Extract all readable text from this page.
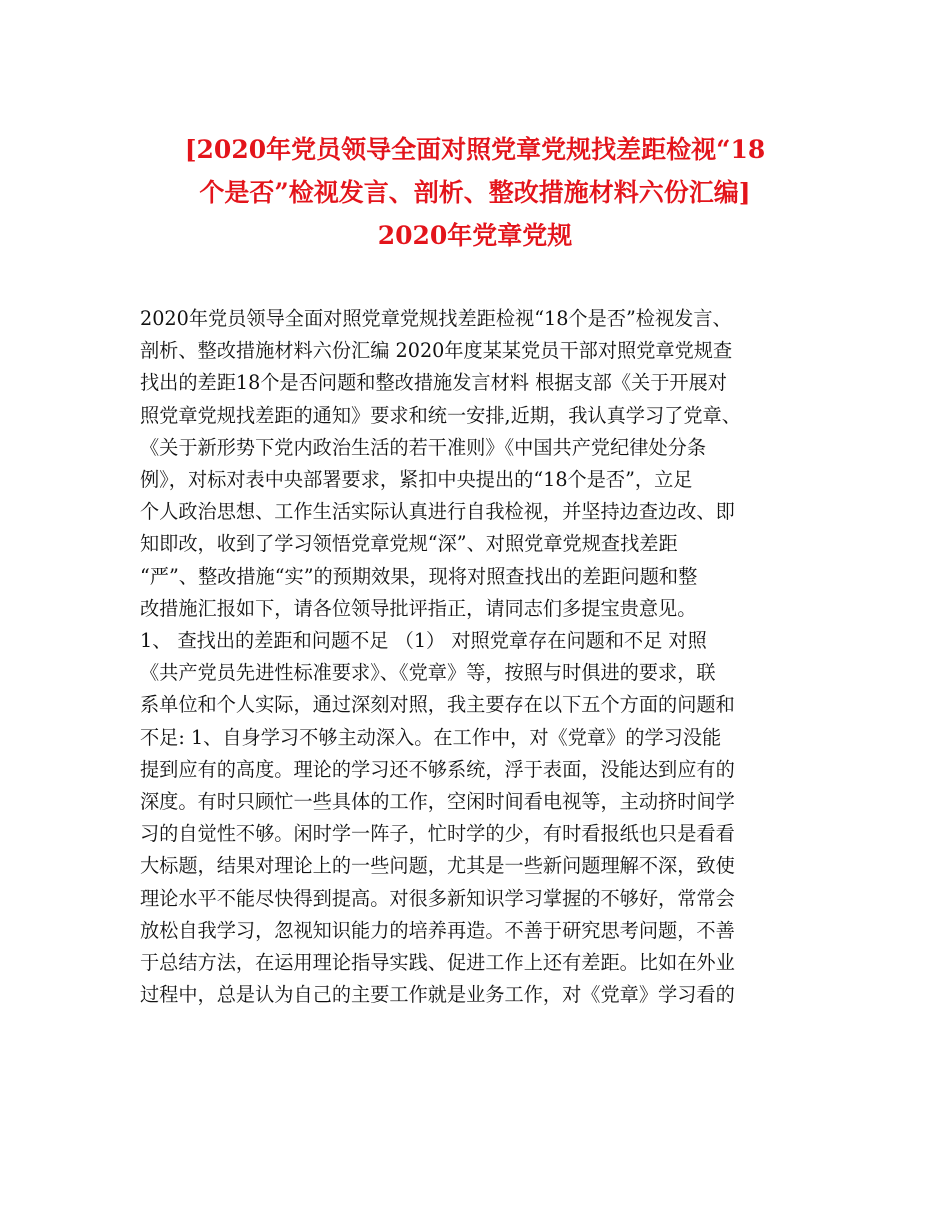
[2020年党员领导全面对照党章党规找差距检视“18
个是否”检视发言、剖析、整改措施材料六份汇编]
2020年党章党规
2020年党员领导全面对照党章党规找差距检视“18个是否”检视发言、
剖析、整改措施材料六份汇编 2020年度某某党员干部对照党章党规查
找出的差距18个是否问题和整改措施发言材料 根据支部《关于开展对
照党章党规找差距的通知》要求和统一安排,近期，我认真学习了党章、
《关于新形势下党内政治生活的若干准则》《中国共产党纪律处分条
例》，对标对表中央部署要求，紧扣中央提出的“18个是否”，立足
个人政治思想、工作生活实际认真进行自我检视，并坚持边查边改、即
知即改，收到了学习领悟党章党规“深”、对照党章党规查找差距
“严”、整改措施“实”的预期效果，现将对照查找出的差距问题和整
改措施汇报如下，请各位领导批评指正，请同志们多提宝贵意见。
1、 查找出的差距和问题不足 （1） 对照党章存在问题和不足 对照
《共产党员先进性标准要求》、《党章》等，按照与时俱进的要求，联
系单位和个人实际，通过深刻对照，我主要存在以下五个方面的问题和
不足: 1、自身学习不够主动深入。在工作中，对《党章》的学习没能
提到应有的高度。理论的学习还不够系统，浮于表面，没能达到应有的
深度。有时只顾忙一些具体的工作，空闲时间看电视等，主动挤时间学
习的自觉性不够。闲时学一阵子，忙时学的少，有时看报纸也只是看看
大标题，结果对理论上的一些问题，尤其是一些新问题理解不深，致使
理论水平不能尽快得到提高。对很多新知识学习掌握的不够好，常常会
放松自我学习，忽视知识能力的培养再造。不善于研究思考问题，不善
于总结方法，在运用理论指导实践、促进工作上还有差距。比如在外业
过程中，总是认为自己的主要工作就是业务工作，对《党章》学习看的
